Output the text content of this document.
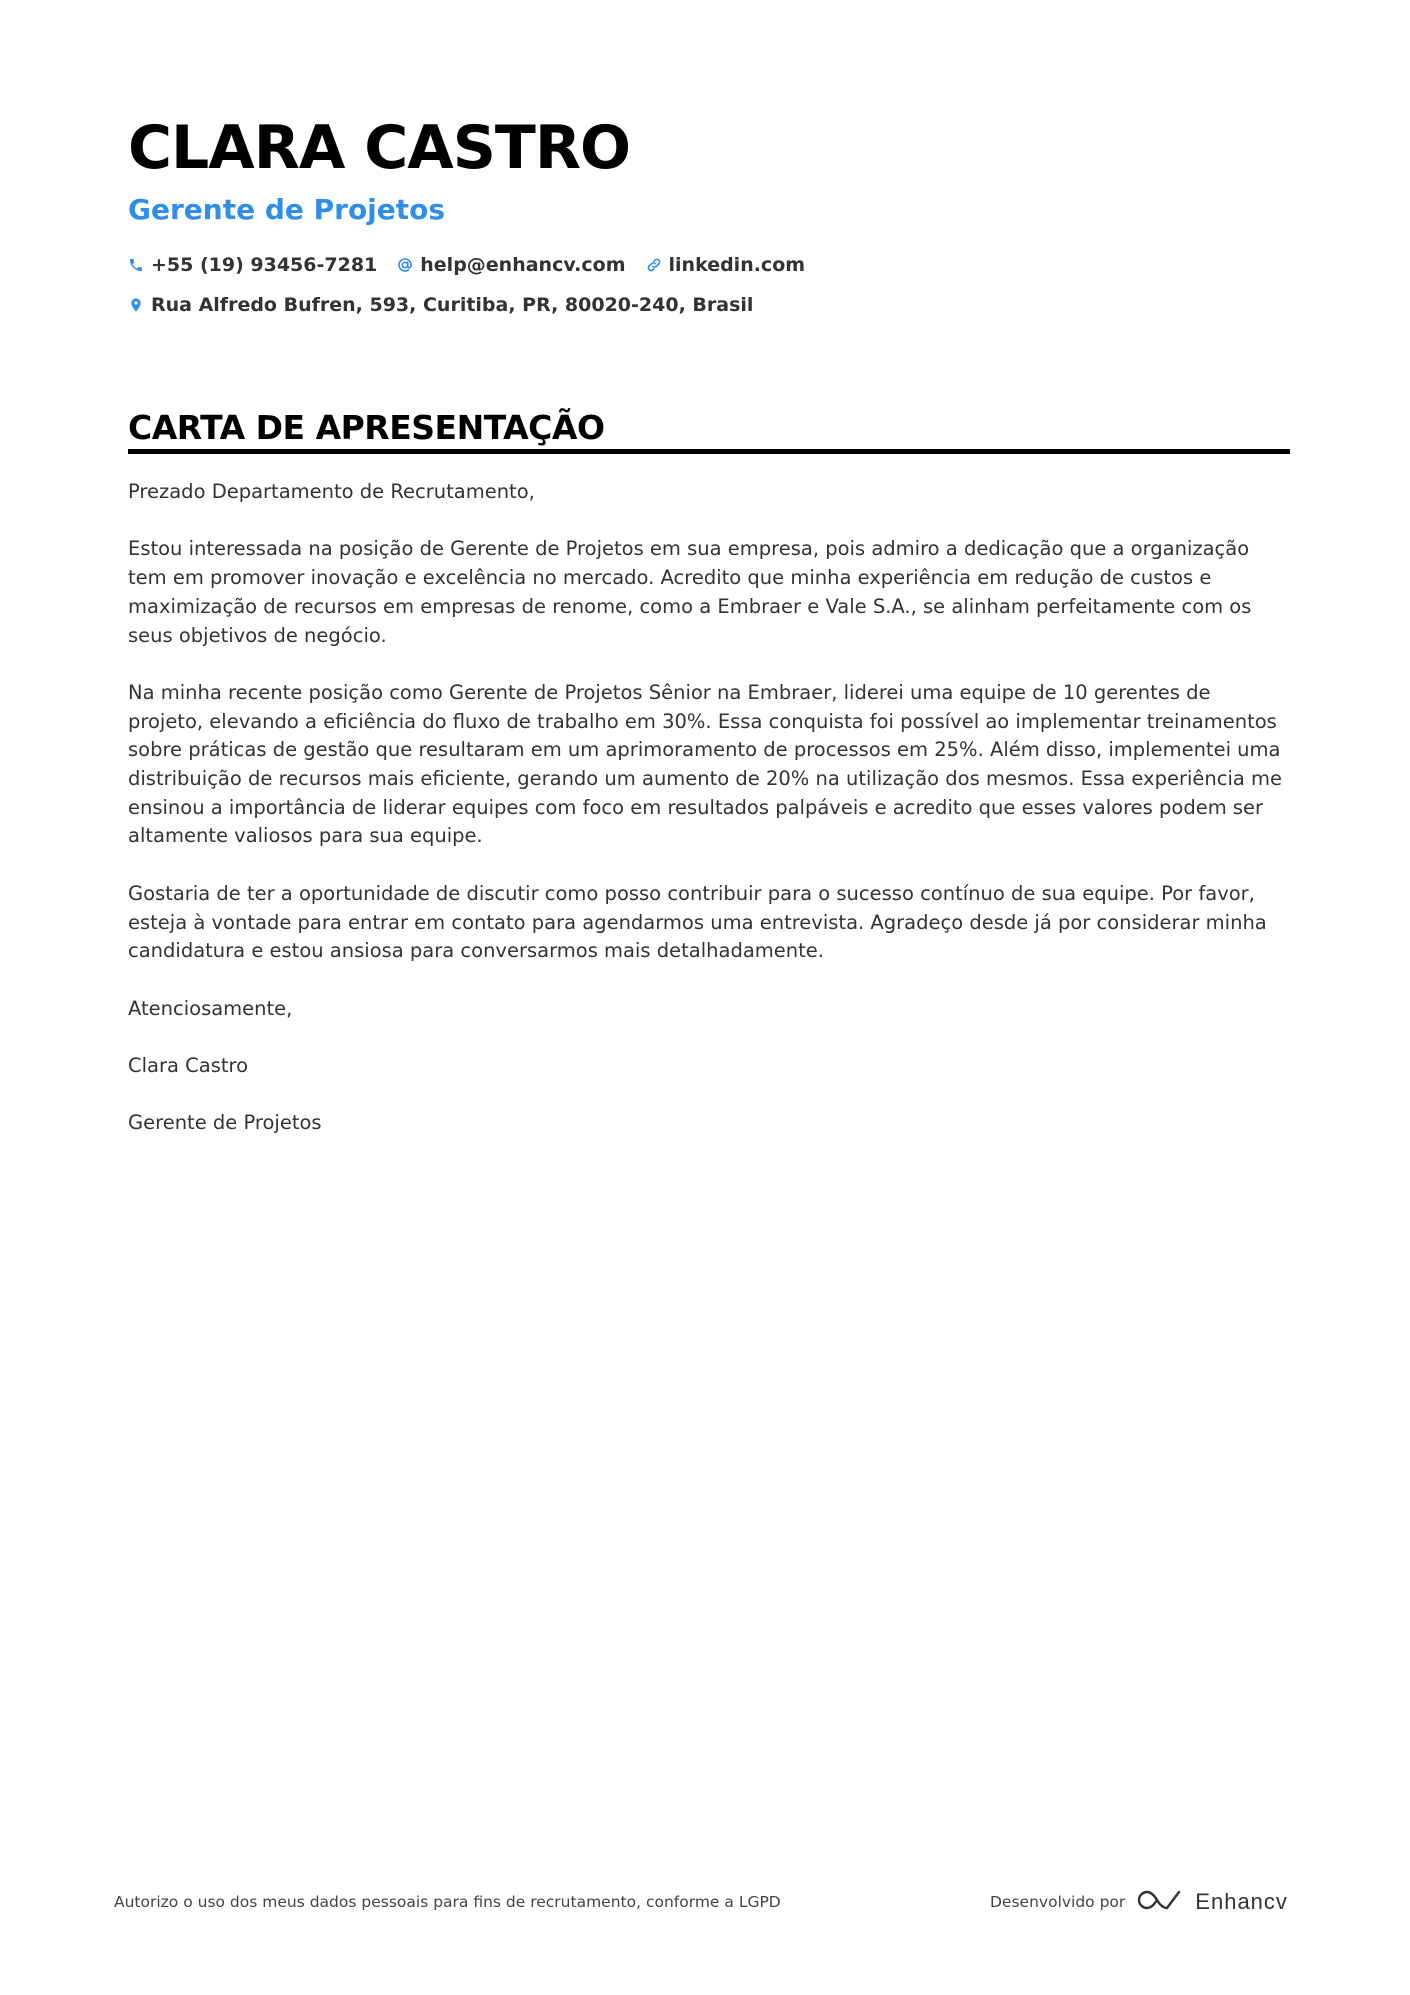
CLARA CASTRO
Gerente de Projetos
+55 (19) 93456-7281 help@enhancv.com linkedin.com
Rua Alfredo Bufren, 593, Curitiba, PR, 80020-240, Brasil
CARTA DE APRESENTAÇÃO

Prezado Departamento de Recrutamento,

Estou interessada na posição de Gerente de Projetos em sua empresa, pois admiro a dedicação que a organização tem em promover inovação e excelência no mercado. Acredito que minha experiência em redução de custos e maximização de recursos em empresas de renome, como a Embraer e Vale S.A., se alinham perfeitamente com os seus objetivos de negócio.

Na minha recente posição como Gerente de Projetos Sênior na Embraer, liderei uma equipe de 10 gerentes de projeto, elevando a eficiência do fluxo de trabalho em 30%. Essa conquista foi possível ao implementar treinamentos sobre práticas de gestão que resultaram em um aprimoramento de processos em 25%. Além disso, implementei uma distribuição de recursos mais eficiente, gerando um aumento de 20% na utilização dos mesmos. Essa experiência me ensinou a importância de liderar equipes com foco em resultados palpáveis e acredito que esses valores podem ser altamente valiosos para sua equipe.

Gostaria de ter a oportunidade de discutir como posso contribuir para o sucesso contínuo de sua equipe. Por favor, esteja à vontade para entrar em contato para agendarmos uma entrevista. Agradeço desde já por considerar minha candidatura e estou ansiosa para conversarmos mais detalhadamente.

Atenciosamente,

Clara Castro

Gerente de Projetos

Autorizo o uso dos meus dados pessoais para fins de recrutamento, conforme a LGPD	Desenvolvido por	Enhancv
